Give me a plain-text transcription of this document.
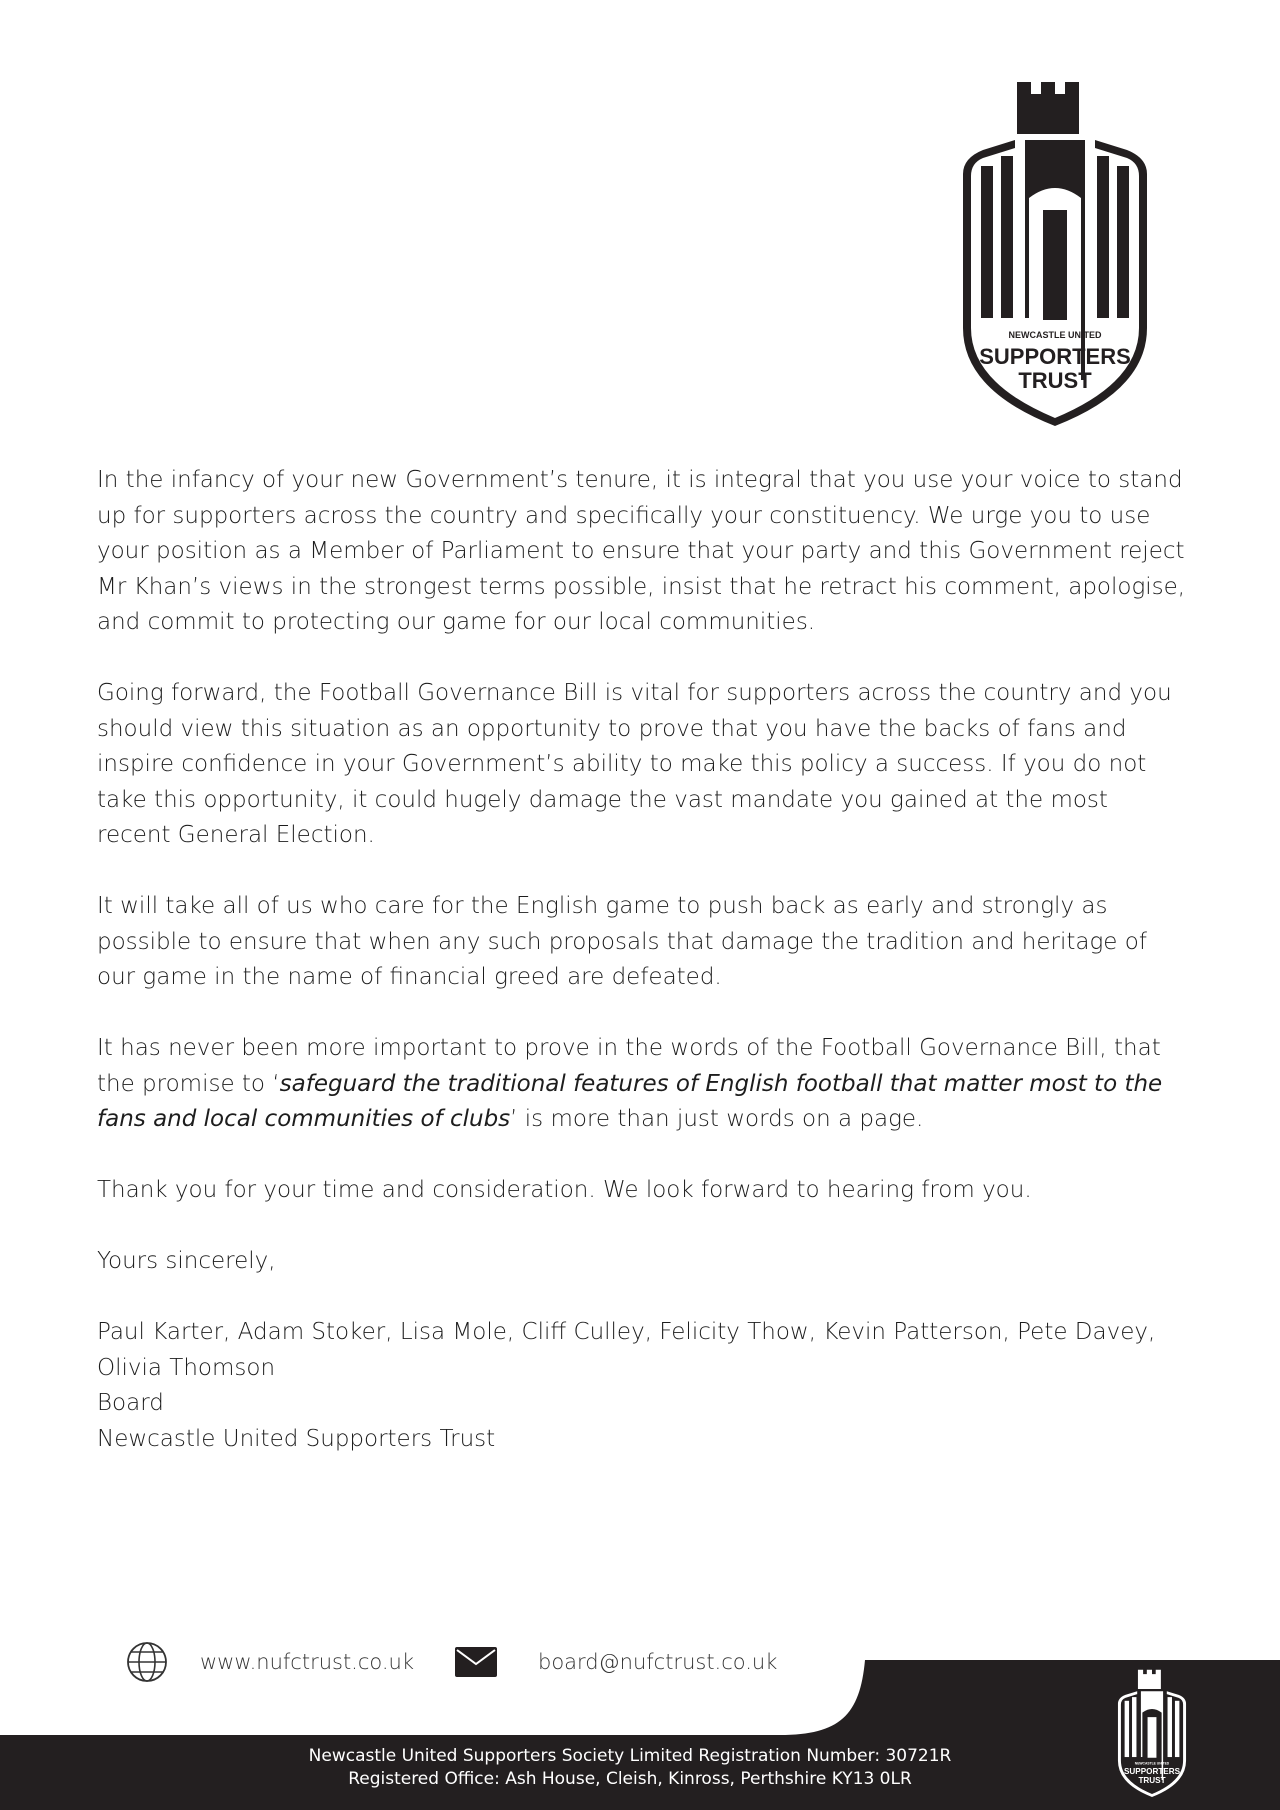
NEWCASTLE UNITED
SUPPORTERS
TRUST

In the infancy of your new Government’s tenure, it is integral that you use your voice to stand up for supporters across the country and specifically your constituency. We urge you to use your position as a Member of Parliament to ensure that your party and this Government reject Mr Khan’s views in the strongest terms possible, insist that he retract his comment, apologise, and commit to protecting our game for our local communities.

Going forward, the Football Governance Bill is vital for supporters across the country and you should view this situation as an opportunity to prove that you have the backs of fans and inspire confidence in your Government’s ability to make this policy a success. If you do not take this opportunity, it could hugely damage the vast mandate you gained at the most recent General Election.

It will take all of us who care for the English game to push back as early and strongly as possible to ensure that when any such proposals that damage the tradition and heritage of our game in the name of financial greed are defeated.

It has never been more important to prove in the words of the Football Governance Bill, that the promise to ‘safeguard the traditional features of English football that matter most to the fans and local communities of clubs’ is more than just words on a page.

Thank you for your time and consideration. We look forward to hearing from you.

Yours sincerely,

Paul Karter, Adam Stoker, Lisa Mole, Cliff Culley, Felicity Thow, Kevin Patterson, Pete Davey, Olivia Thomson
Board
Newcastle United Supporters Trust

www.nufctrust.co.uk	board@nufctrust.co.uk
Newcastle United Supporters Society Limited Registration Number: 30721R
Registered Office: Ash House, Cleish, Kinross, Perthshire KY13 0LR
NEWCASTLE UNITED
SUPPORTERS
TRUST
